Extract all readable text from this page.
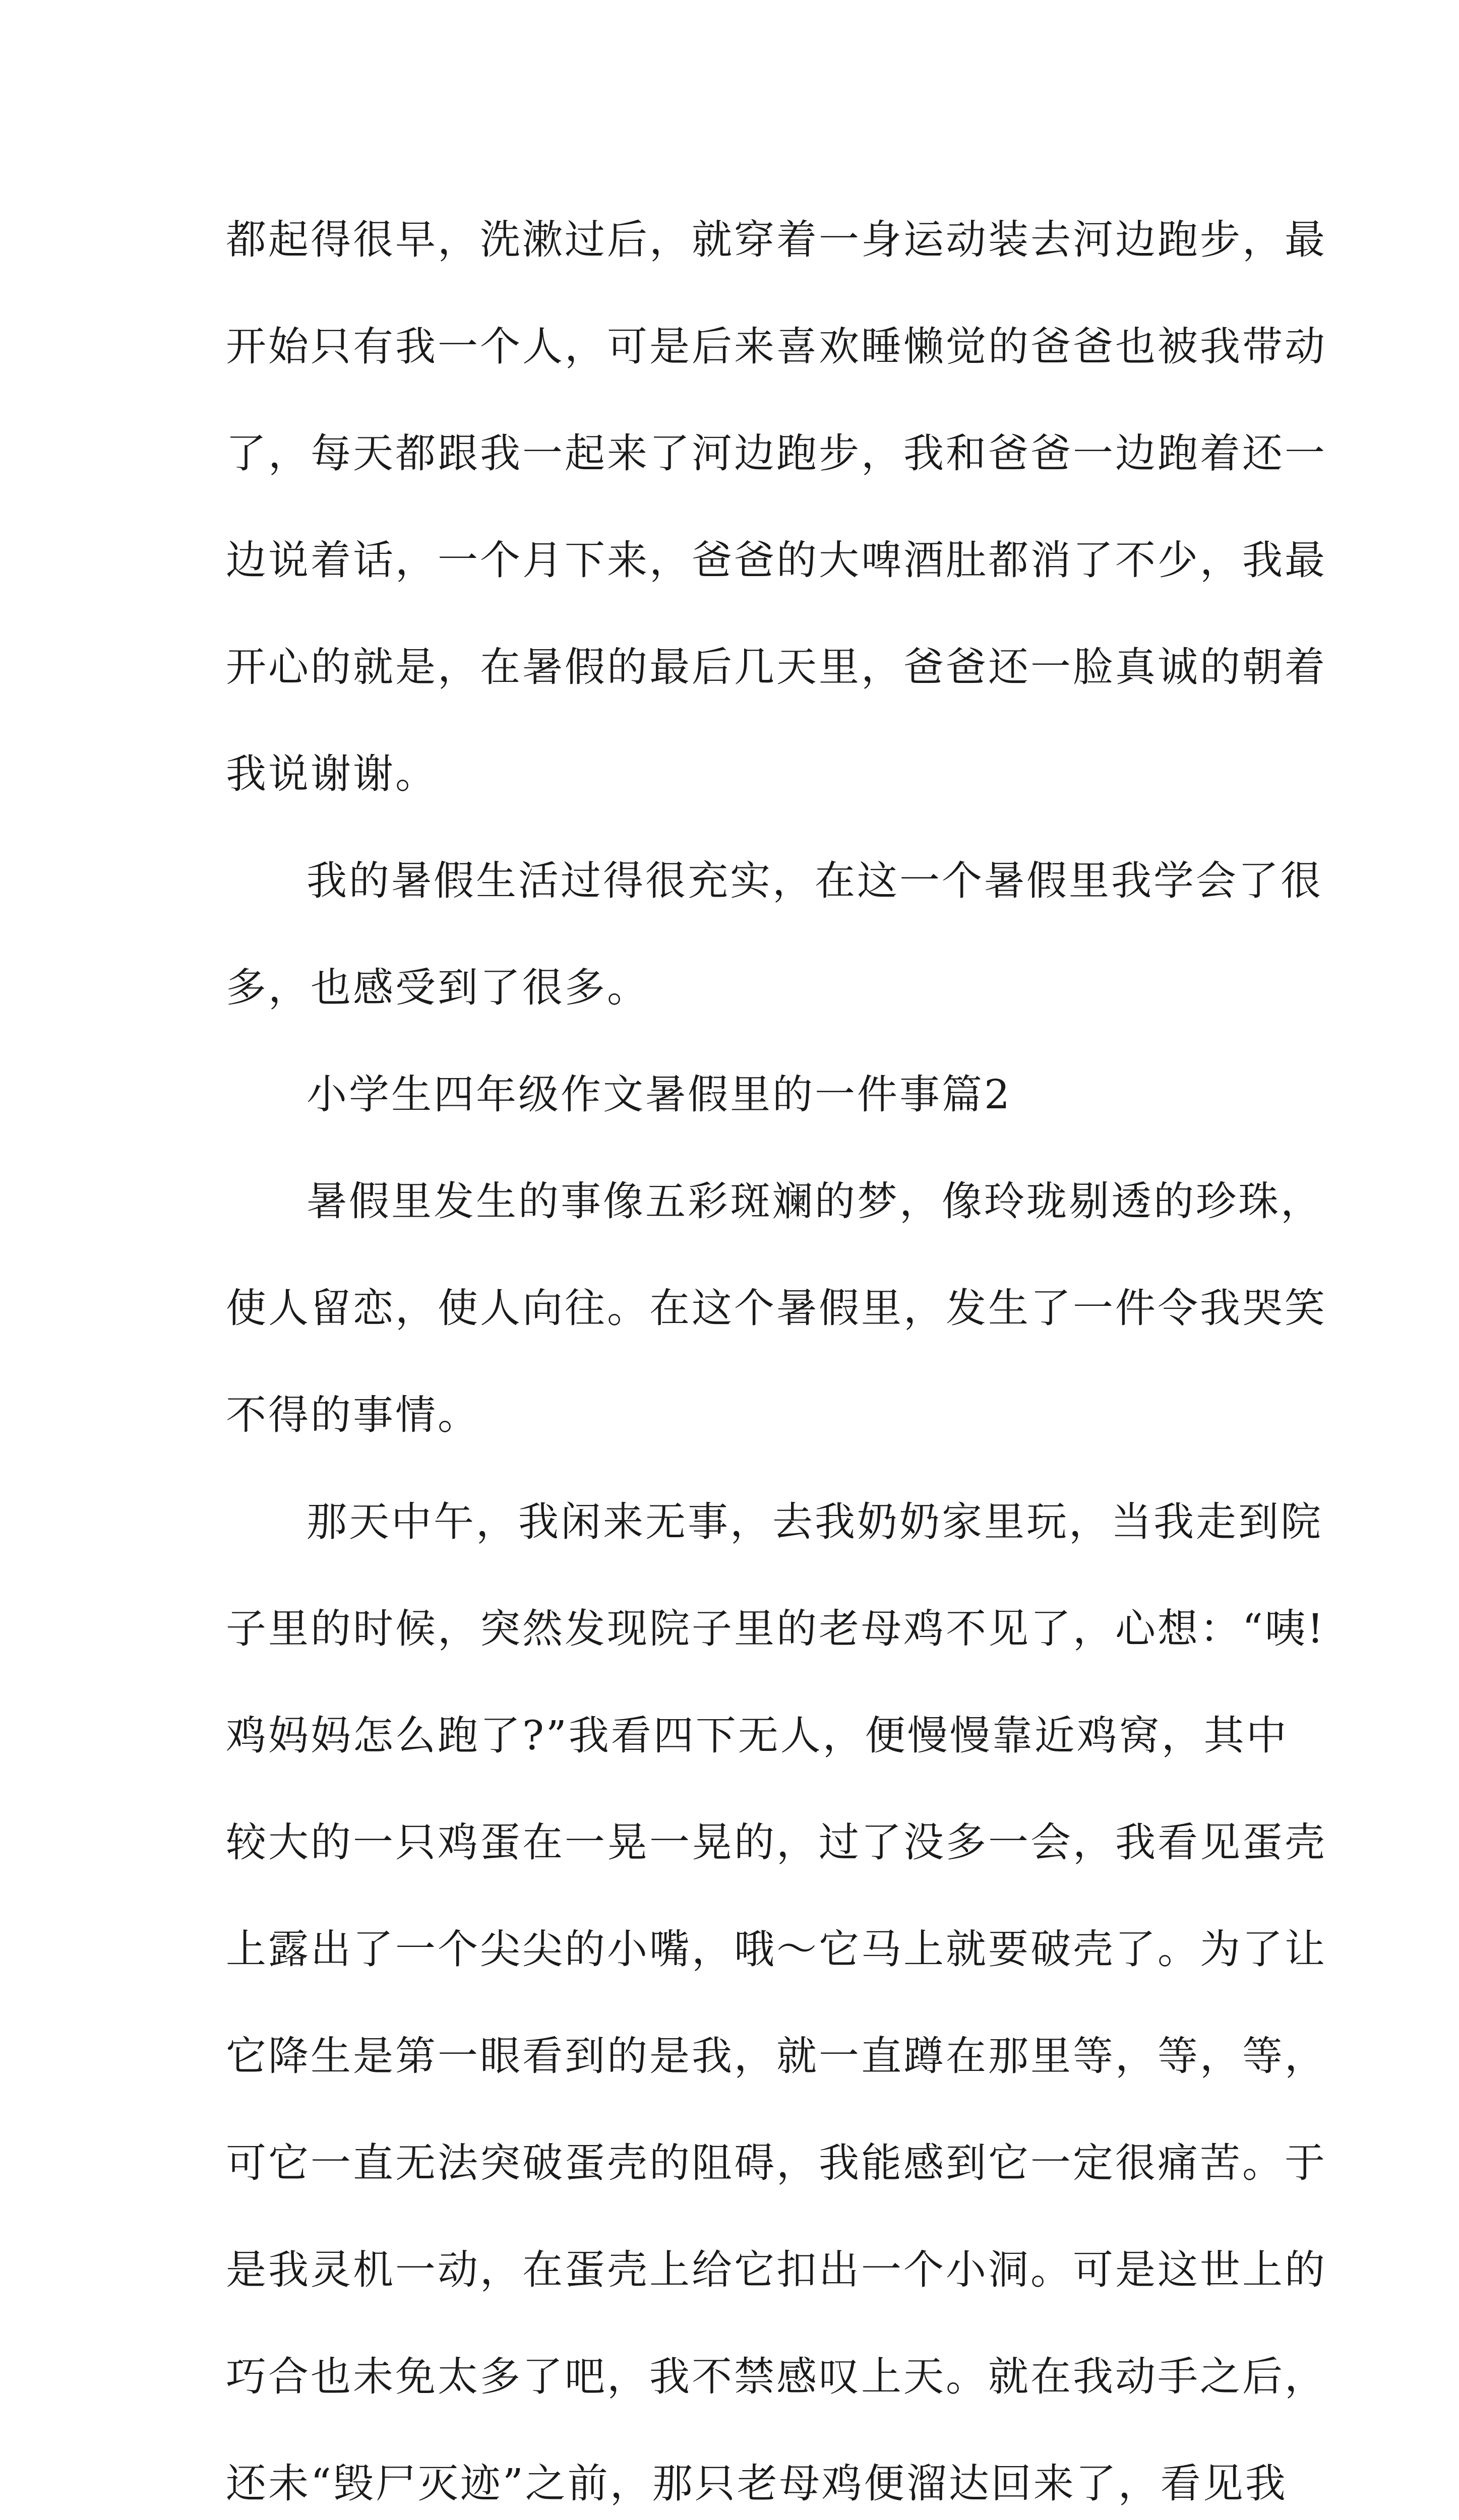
都起得很早，洗漱过后，就穿着一身运动装去河边跑步，最
开始只有我一个人，可是后来喜欢睡懒觉的爸爸也被我带动
了，每天都跟我一起来了河边跑步，我和爸爸一边跑着还一
边说着话，一个月下来，爸爸的大啤酒肚都消了不少，我最
开心的就是，在暑假的最后几天里，爸爸还一脸真诚的朝着
我说谢谢。
我的暑假生活过得很充实，在这一个暑假里我学会了很
多，也感受到了很多。
小学生四年级作文暑假里的一件事篇2
暑假里发生的事像五彩斑斓的梦，像玲珑剔透的珍珠，
使人留恋，使人向往。在这个暑假里，发生了一件令我哭笑
不得的事情。
那天中午，我闲来无事，去我奶奶家里玩，当我走到院
子里的时候，突然发现院子里的老母鸡不见了，心想：“咦!
鸡妈妈怎么跑了?”我看四下无人，便慢慢靠近鸡窝，其中
较大的一只鸡蛋在一晃一晃的，过了没多一会，我看见蛋壳
上露出了一个尖尖的小嘴，哦～它马上就要破壳了。为了让
它降生是第一眼看到的是我，就一直蹲在那里等，等，等，
可它一直无法突破蛋壳的阻碍，我能感到它一定很痛苦。于
是我灵机一动，在蛋壳上给它扣出一个小洞。可是这世上的
巧合也未免太多了吧，我不禁感叹上天。就在我动手之后，
还未“毁尸灭迹”之前，那只老母鸡便溜达回来了，看见我
